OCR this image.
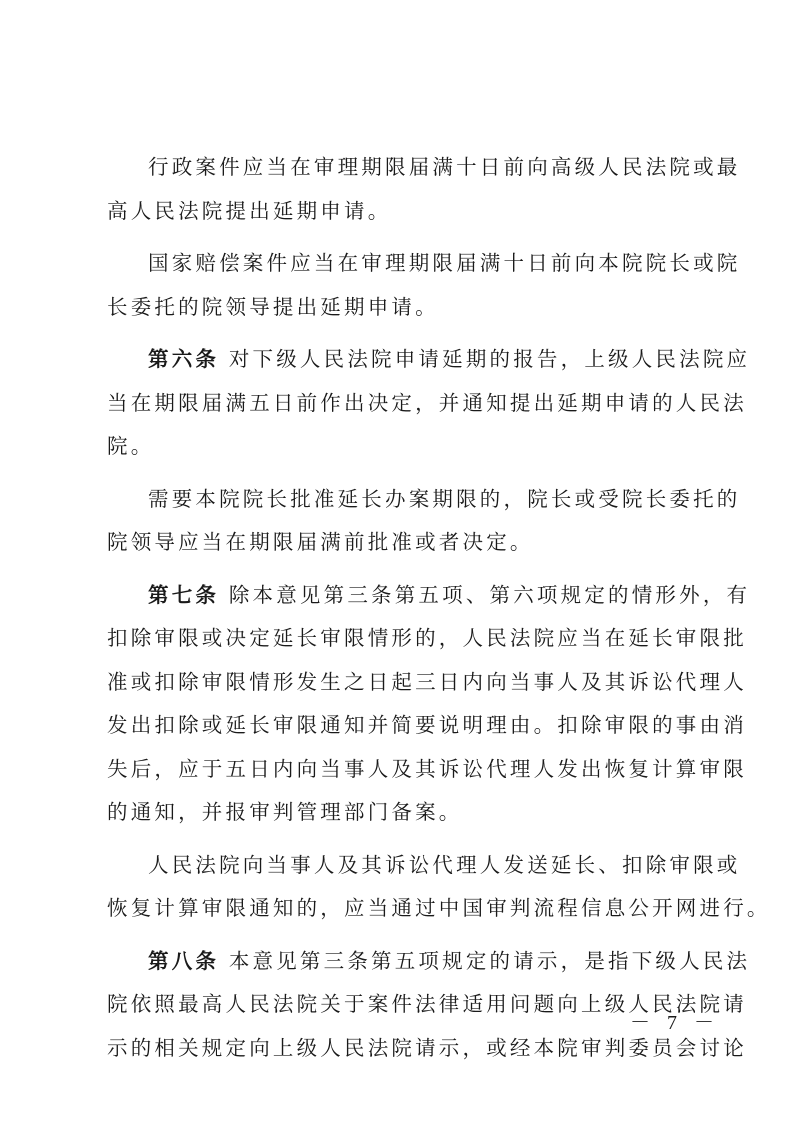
行政案件应当在审理期限届满十日前向高级人民法院或最
高人民法院提出延期申请。
国家赔偿案件应当在审理期限届满十日前向本院院长或院
长委托的院领导提出延期申请。
第六条 对下级人民法院申请延期的报告，上级人民法院应
当在期限届满五日前作出决定，并通知提出延期申请的人民法
院。
需要本院院长批准延长办案期限的，院长或受院长委托的
院领导应当在期限届满前批准或者决定。
第七条 除本意见第三条第五项、第六项规定的情形外，有
扣除审限或决定延长审限情形的，人民法院应当在延长审限批
准或扣除审限情形发生之日起三日内向当事人及其诉讼代理人
发出扣除或延长审限通知并简要说明理由。扣除审限的事由消
失后，应于五日内向当事人及其诉讼代理人发出恢复计算审限
的通知，并报审判管理部门备案。
人民法院向当事人及其诉讼代理人发送延长、扣除审限或
恢复计算审限通知的，应当通过中国审判流程信息公开网进行。
第八条 本意见第三条第五项规定的请示，是指下级人民法
院依照最高人民法院关于案件法律适用问题向上级人民法院请
示的相关规定向上级人民法院请示，或经本院审判委员会讨论
－ 7 －
